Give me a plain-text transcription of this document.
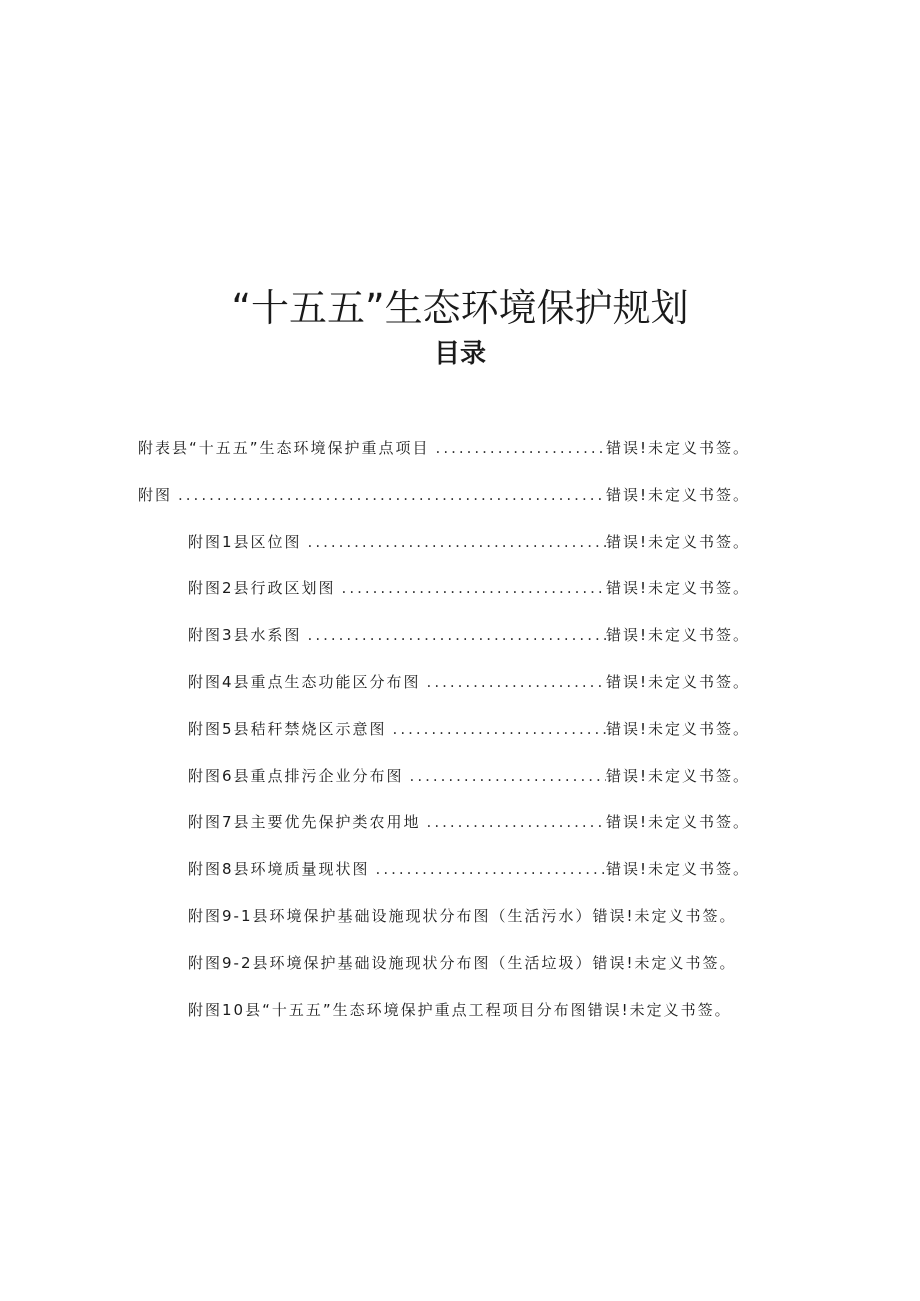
“十五五”生态环境保护规划
目录
附表县“十五五”生态环境保护重点项目 .....	错误!未定义书签。
附图 .....	错误!未定义书签。
附图1县区位图 .....	错误!未定义书签。
附图2县行政区划图 .....	错误!未定义书签。
附图3县水系图 .....	错误!未定义书签。
附图4县重点生态功能区分布图 .....	错误!未定义书签。
附图5县秸秆禁烧区示意图 .....	错误!未定义书签。
附图6县重点排污企业分布图 .....	错误!未定义书签。
附图7县主要优先保护类农用地 .....	错误!未定义书签。
附图8县环境质量现状图 .....	错误!未定义书签。
附图9-1县环境保护基础设施现状分布图（生活污水） 错误!未定义书签。
附图9-2县环境保护基础设施现状分布图（生活垃圾） 错误!未定义书签。
附图10县“十五五”生态环境保护重点工程项目分布图 错误!未定义书签。
